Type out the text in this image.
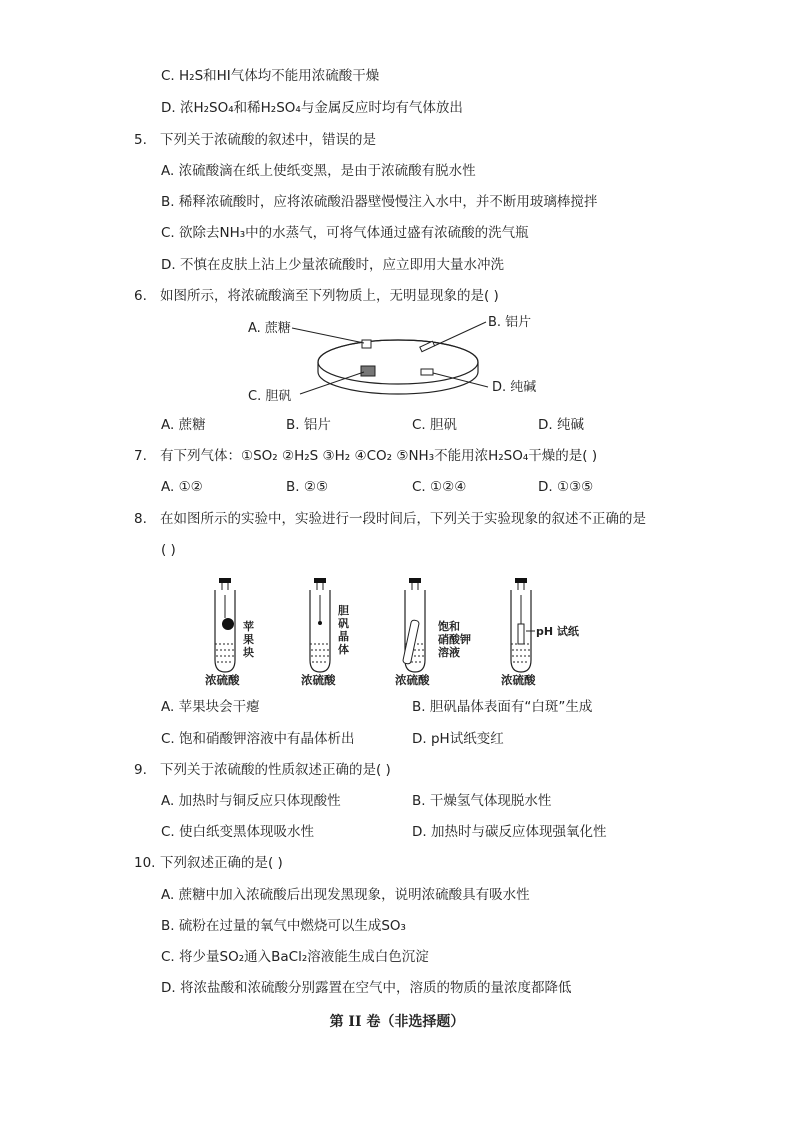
C. H₂S和HI气体均不能用浓硫酸干燥
D. 浓H₂SO₄和稀H₂SO₄与金属反应时均有气体放出
5. 下列关于浓硫酸的叙述中，错误的是
A. 浓硫酸滴在纸上使纸变黑，是由于浓硫酸有脱水性
B. 稀释浓硫酸时，应将浓硫酸沿器壁慢慢注入水中，并不断用玻璃棒搅拌
C. 欲除去NH₃中的水蒸气，可将气体通过盛有浓硫酸的洗气瓶
D. 不慎在皮肤上沾上少量浓硫酸时，应立即用大量水冲洗
6. 如图所示，将浓硫酸滴至下列物质上，无明显现象的是( )
A. 蔗糖	B. 铝片
C. 胆矾
D. 纯碱
A. 蔗糖	B. 铝片	C. 胆矾	D. 纯碱
7. 有下列气体：①SO₂ ②H₂S ③H₂ ④CO₂ ⑤NH₃不能用浓H₂SO₄干燥的是( )
A. ①②	B. ②⑤	C. ①②④	D. ①③⑤
8. 在如图所示的实验中，实验进行一段时间后，下列关于实验现象的叙述不正确的是
( )
苹果块
浓硫酸
胆矾晶体
浓硫酸
饱和硝酸钾溶液
浓硫酸
pH 试纸
浓硫酸
A. 苹果块会干瘪	B. 胆矾晶体表面有“白斑”生成
C. 饱和硝酸钾溶液中有晶体析出	D. pH试纸变红
9. 下列关于浓硫酸的性质叙述正确的是( )
A. 加热时与铜反应只体现酸性	B. 干燥氢气体现脱水性
C. 使白纸变黑体现吸水性	D. 加热时与碳反应体现强氧化性
10. 下列叙述正确的是( )
A. 蔗糖中加入浓硫酸后出现发黑现象，说明浓硫酸具有吸水性
B. 硫粉在过量的氧气中燃烧可以生成SO₃
C. 将少量SO₂通入BaCl₂溶液能生成白色沉淀
D. 将浓盐酸和浓硫酸分别露置在空气中，溶质的物质的量浓度都降低
第 II 卷（非选择题）
